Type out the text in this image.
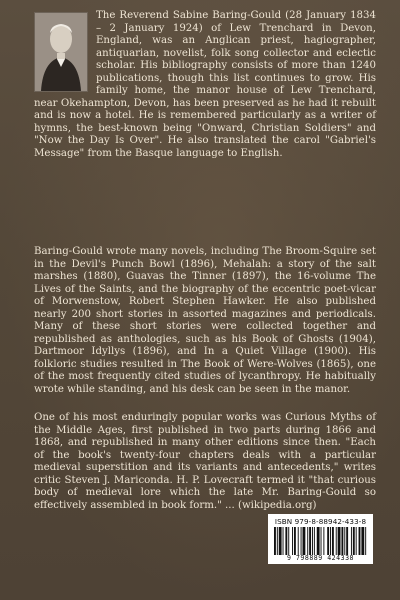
The Reverend Sabine Baring-Gould (28 January 1834 – 2 January 1924) of Lew Trenchard in Devon, England, was an Anglican priest, hagiographer, antiquarian, novelist, folk song collector and eclectic scholar. His bibliography consists of more than 1240 publications, though this list continues to grow. His family home, the manor house of Lew Trenchard, near Okehampton, Devon, has been preserved as he had it rebuilt and is now a hotel. He is remembered particularly as a writer of hymns, the best-known being "Onward, Christian Soldiers" and "Now the Day Is Over". He also translated the carol "Gabriel's Message" from the Basque language to English.

Baring-Gould wrote many novels, including The Broom-Squire set in the Devil's Punch Bowl (1896), Mehalah: a story of the salt marshes (1880), Guavas the Tinner (1897), the 16-volume The Lives of the Saints, and the biography of the eccentric poet-vicar of Morwenstow, Robert Stephen Hawker. He also published nearly 200 short stories in assorted magazines and periodicals. Many of these short stories were collected together and republished as anthologies, such as his Book of Ghosts (1904), Dartmoor Idyllys (1896), and In a Quiet Village (1900). His folkloric studies resulted in The Book of Were-Wolves (1865), one of the most frequently cited studies of lycanthropy. He habitually wrote while standing, and his desk can be seen in the manor.

One of his most enduringly popular works was Curious Myths of the Middle Ages, first published in two parts during 1866 and 1868, and republished in many other editions since then. "Each of the book's twenty-four chapters deals with a particular medieval superstition and its variants and antecedents," writes critic Steven J. Mariconda. H. P. Lovecraft termed it "that curious body of medieval lore which the late Mr. Baring-Gould so effectively assembled in book form." ... (wikipedia.org)

ISBN 979-8-88942-433-8
9 798889 424338
